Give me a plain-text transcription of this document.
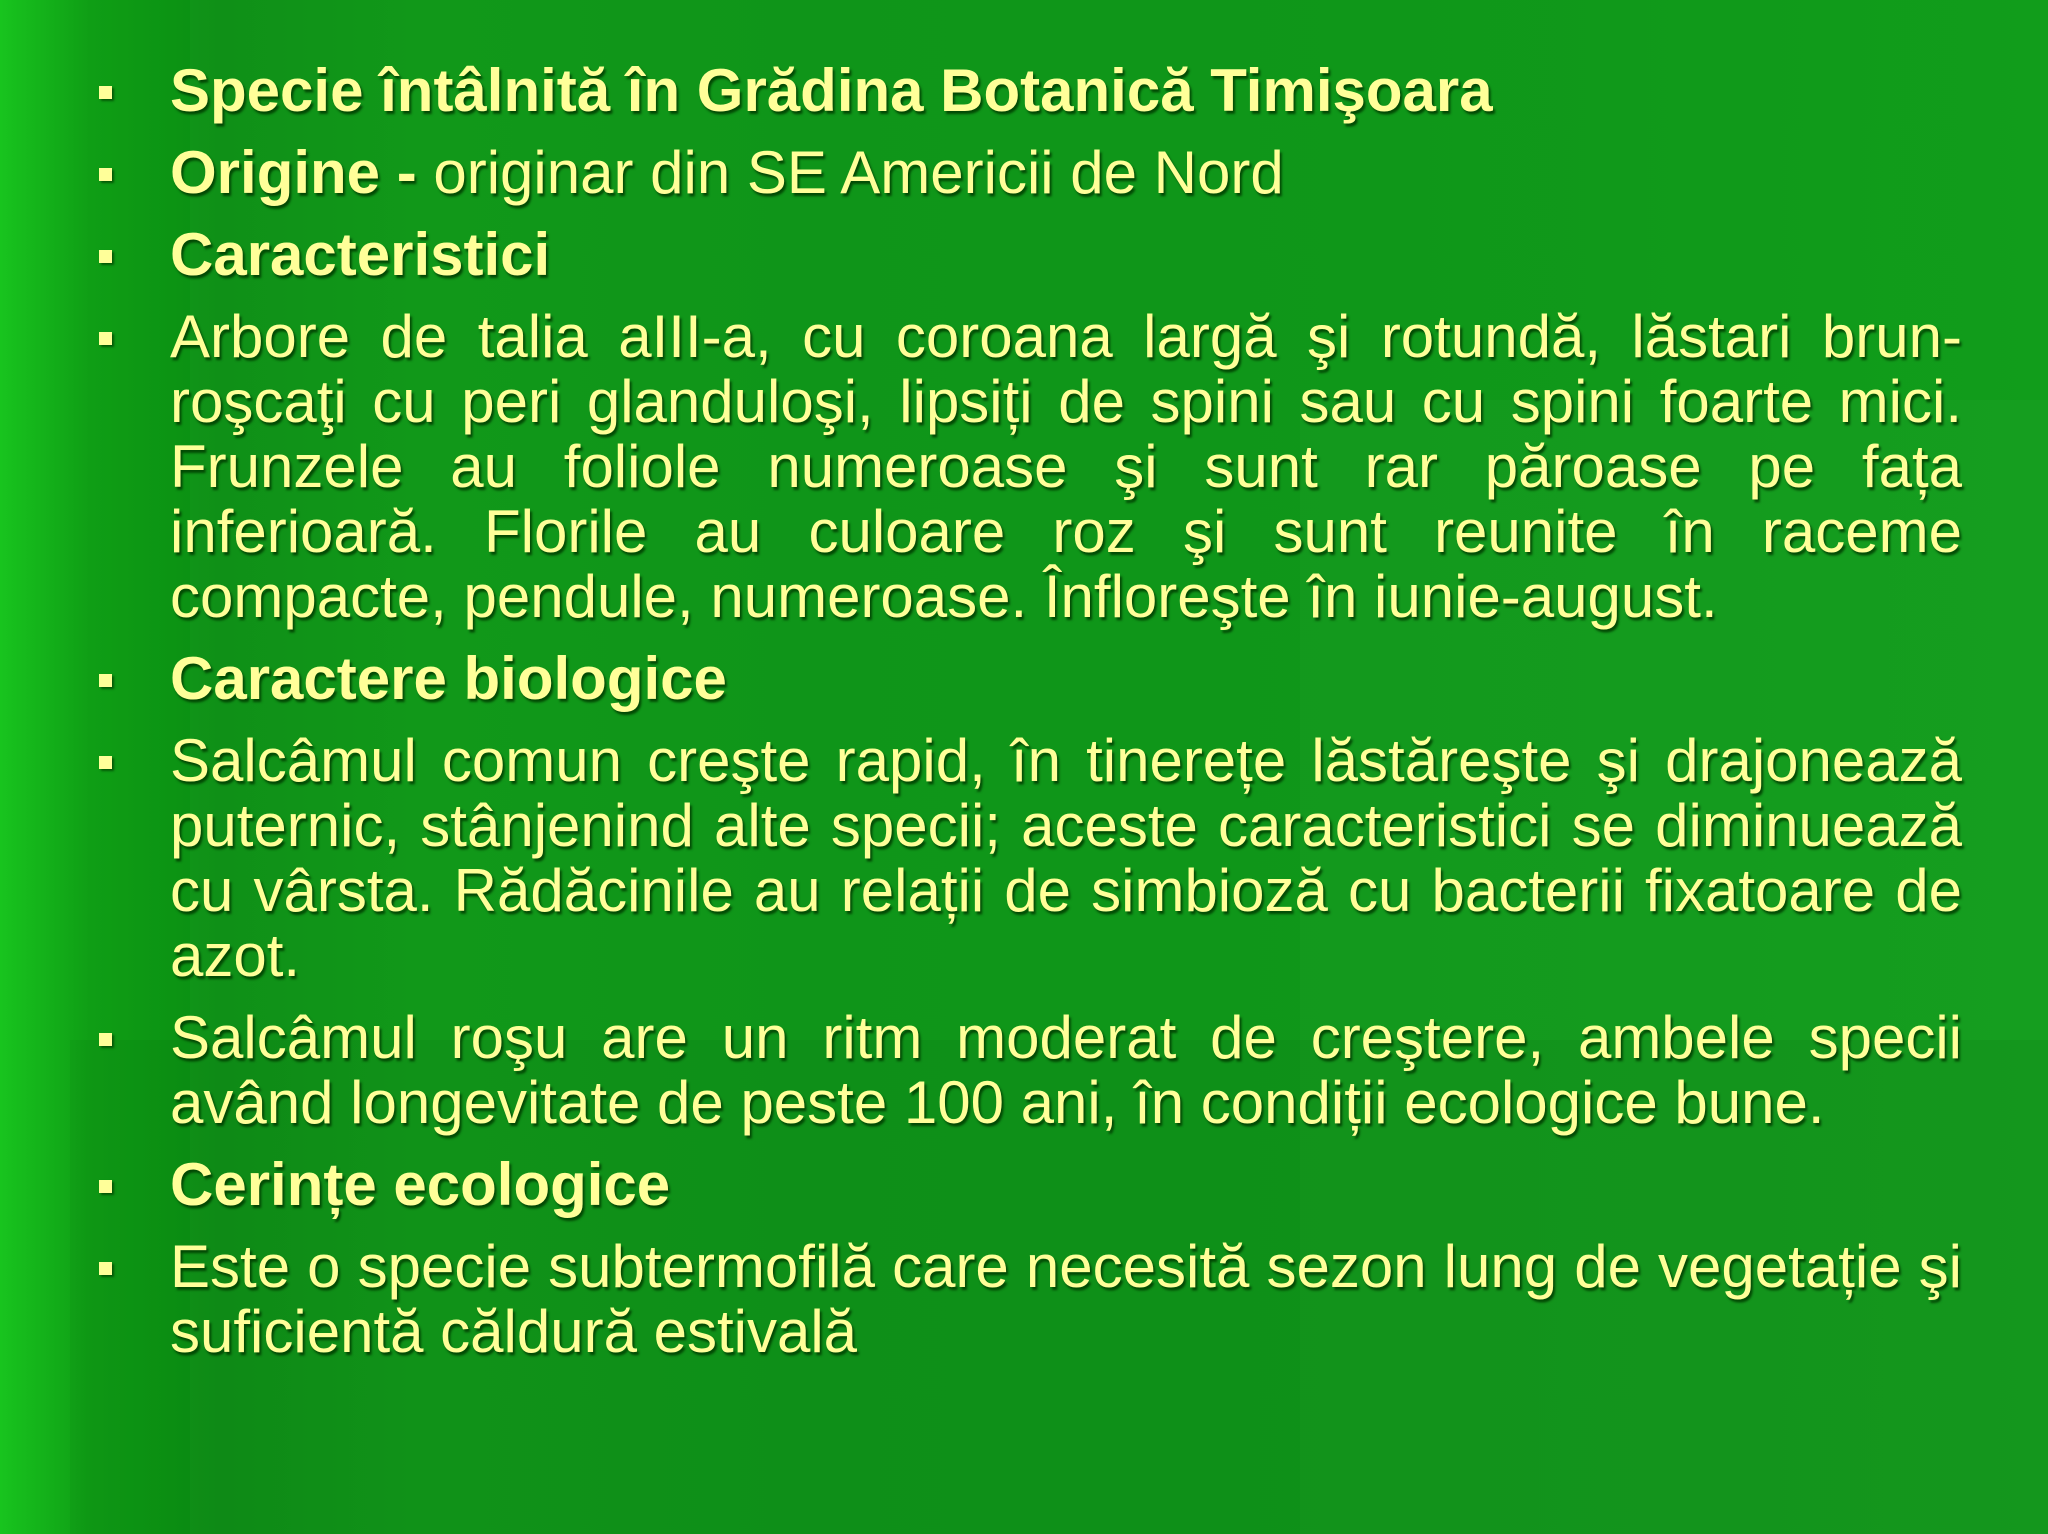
Specie întâlnită în Grădina Botanică Timişoara
Origine - originar din SE Americii de Nord
Caracteristici
Arbore de talia aIII-a, cu coroana largă şi rotundă, lăstari brun-roşcaţi cu peri glanduloşi, lipsiți de spini sau cu spini foarte mici. Frunzele au foliole numeroase şi sunt rar păroase pe fața inferioară. Florile au culoare roz şi sunt reunite în raceme compacte, pendule, numeroase. Înfloreşte în iunie-august.
Caractere biologice
Salcâmul comun creşte rapid, în tinerețe lăstăreşte şi drajonează puternic, stânjenind alte specii; aceste caracteristici se diminuează cu vârsta. Rădăcinile au relații de simbioză cu bacterii fixatoare de azot.
Salcâmul roşu are un ritm moderat de creştere, ambele specii având longevitate de peste 100 ani, în condiții ecologice bune.
Cerințe ecologice
Este o specie subtermofilă care necesită sezon lung de vegetație şi suficientă căldură estivală
